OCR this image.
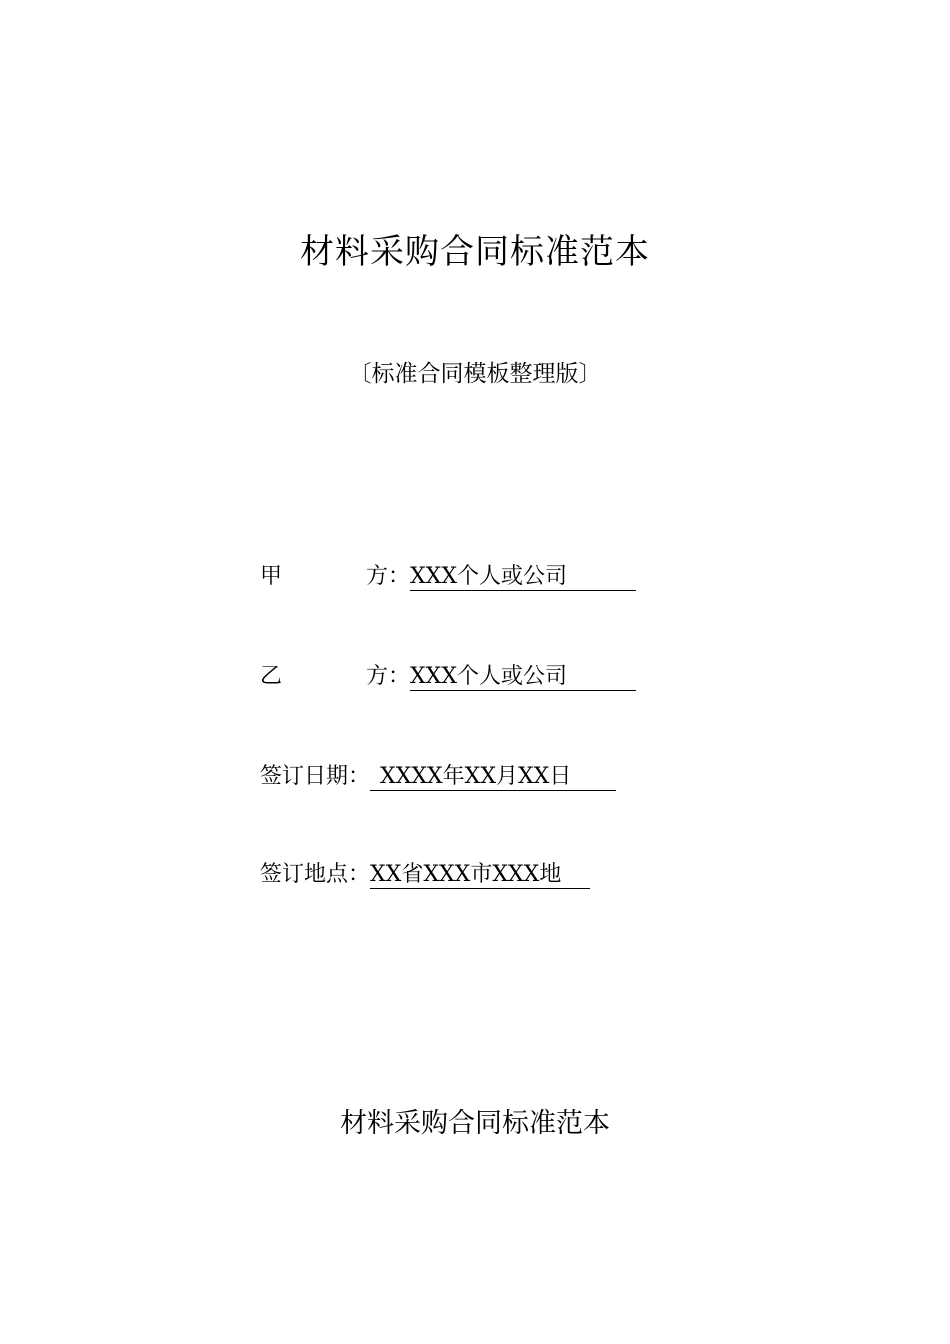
材料采购合同标准范本
〔标准合同模板整理版〕
甲	方 ： XXX个人或公司
乙	方 ： XXX个人或公司
签订日期 ： XXXX年XX月XX日
签订地点 ： XX省XXX市XXX地
材料采购合同标准范本
